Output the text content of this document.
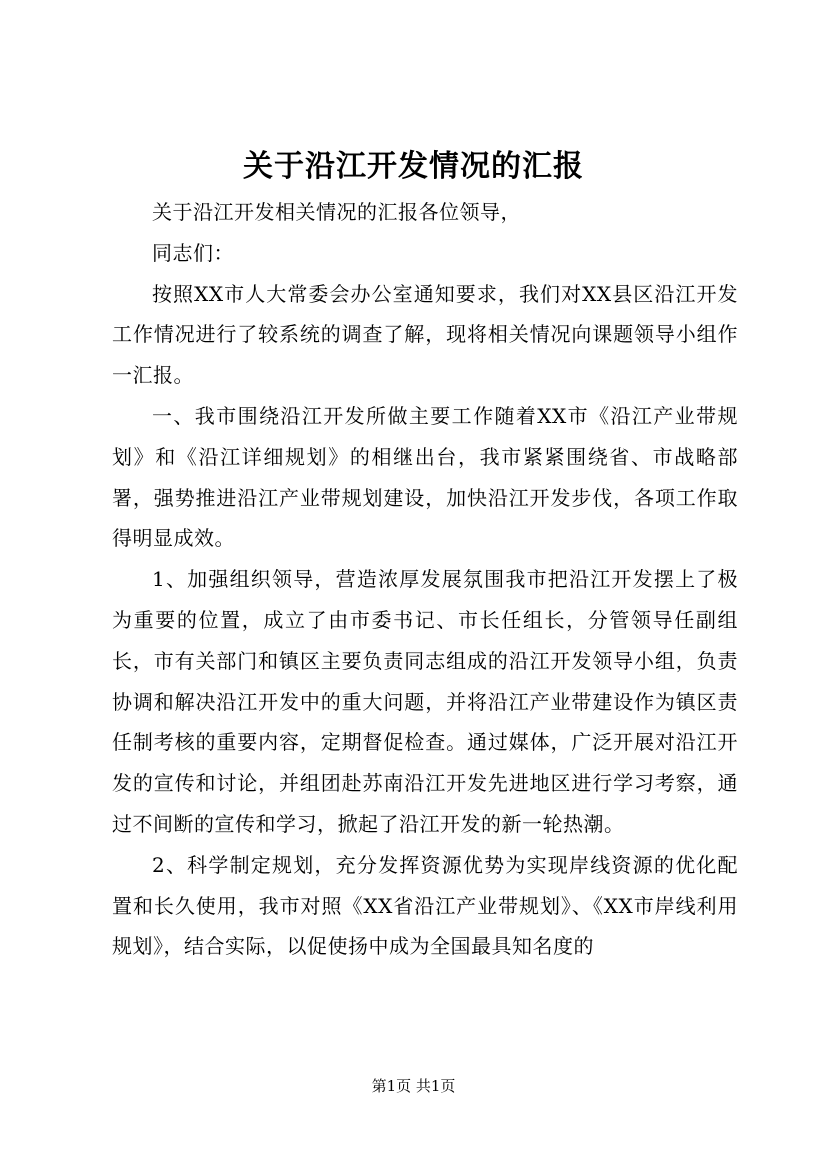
关于沿江开发情况的汇报

关于沿江开发相关情况的汇报各位领导，

同志们：

按照XX市人大常委会办公室通知要求，我们对XX县区沿江开发工作情况进行了较系统的调查了解，现将相关情况向课题领导小组作一汇报。

一、我市围绕沿江开发所做主要工作随着XX市《沿江产业带规划》和《沿江详细规划》的相继出台，我市紧紧围绕省、市战略部署，强势推进沿江产业带规划建设，加快沿江开发步伐，各项工作取得明显成效。

1、加强组织领导，营造浓厚发展氛围我市把沿江开发摆上了极为重要的位置，成立了由市委书记、市长任组长，分管领导任副组长，市有关部门和镇区主要负责同志组成的沿江开发领导小组，负责协调和解决沿江开发中的重大问题，并将沿江产业带建设作为镇区责任制考核的重要内容，定期督促检查。通过媒体，广泛开展对沿江开发的宣传和讨论，并组团赴苏南沿江开发先进地区进行学习考察，通过不间断的宣传和学习，掀起了沿江开发的新一轮热潮。

2、科学制定规划，充分发挥资源优势为实现岸线资源的优化配置和长久使用，我市对照《XX省沿江产业带规划》、《XX市岸线利用规划》，结合实际，以促使扬中成为全国最具知名度的

第1页 共1页
